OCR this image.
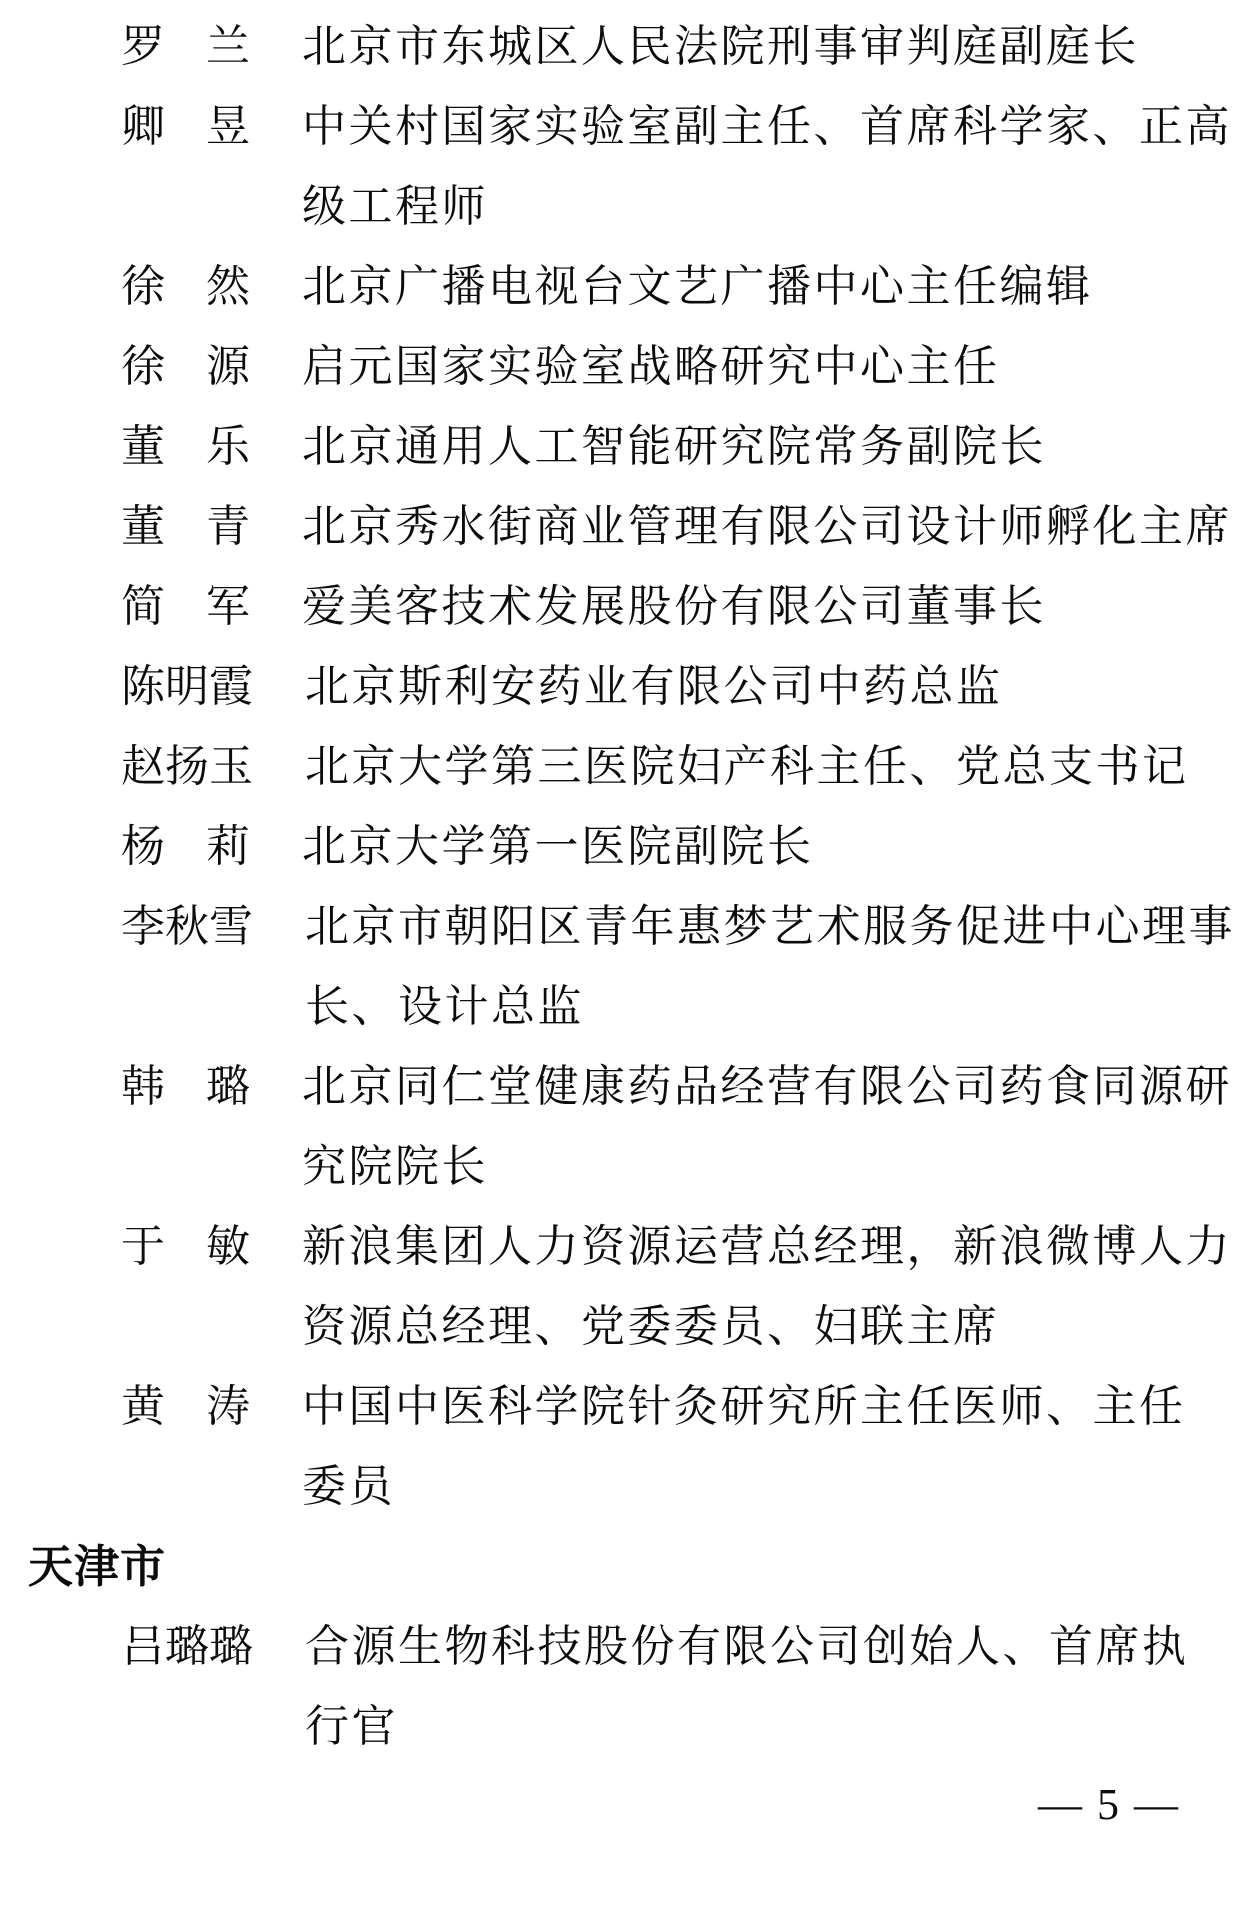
罗 兰 北京市东城区人民法院刑事审判庭副庭长
卿 昱 中关村国家实验室副主任、首席科学家、正高
级工程师
徐 然 北京广播电视台文艺广播中心主任编辑
徐 源 启元国家实验室战略研究中心主任
董 乐 北京通用人工智能研究院常务副院长
董 青 北京秀水街商业管理有限公司设计师孵化主席
简 军 爱美客技术发展股份有限公司董事长
陈 明 霞 北京斯利安药业有限公司中药总监
赵 扬 玉 北京大学第三医院妇产科主任、党总支书记
杨 莉 北京大学第一医院副院长
李 秋 雪 北京市朝阳区青年惠梦艺术服务促进中心理事
长、设计总监
韩 璐 北京同仁堂健康药品经营有限公司药食同源研
究院院长
于 敏 新浪集团人力资源运营总经理，新浪微博人力
资源总经理、党委委员、妇联主席
黄 涛 中国中医科学院针灸研究所主任医师、主任
委员
天津市
吕 璐 璐 合源生物科技股份有限公司创始人、首席执
行官
— 5 —
